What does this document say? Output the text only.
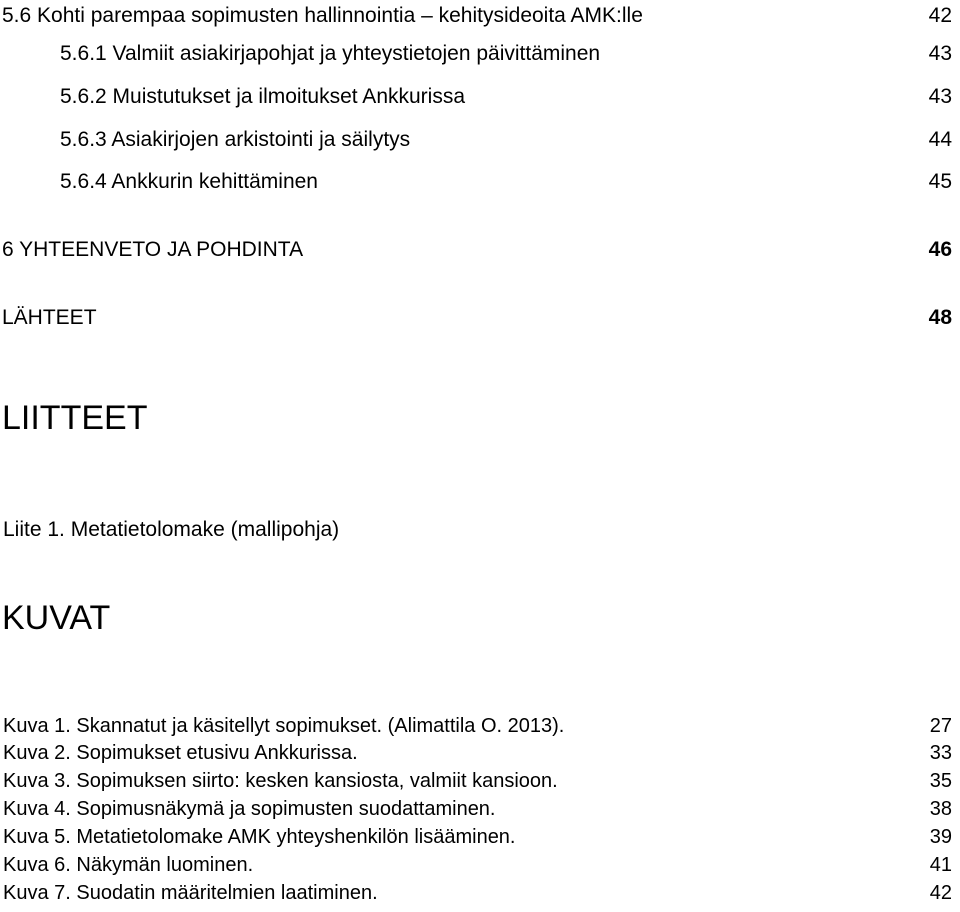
5.6 Kohti parempaa sopimusten hallinnointia – kehitysideoita AMK:lle	42
5.6.1 Valmiit asiakirjapohjat ja yhteystietojen päivittäminen	43
5.6.2 Muistutukset ja ilmoitukset Ankkurissa	43
5.6.3 Asiakirjojen arkistointi ja säilytys	44
5.6.4 Ankkurin kehittäminen	45
6 YHTEENVETO JA POHDINTA	46
LÄHTEET	48
LIITTEET
Liite 1. Metatietolomake (mallipohja)
KUVAT
Kuva 1. Skannatut ja käsitellyt sopimukset. (Alimattila O. 2013).	27
Kuva 2. Sopimukset etusivu Ankkurissa.	33
Kuva 3. Sopimuksen siirto: kesken kansiosta, valmiit kansioon.	35
Kuva 4. Sopimusnäkymä ja sopimusten suodattaminen.	38
Kuva 5. Metatietolomake AMK yhteyshenkilön lisääminen.	39
Kuva 6. Näkymän luominen.	41
Kuva 7. Suodatin määritelmien laatiminen.	42
